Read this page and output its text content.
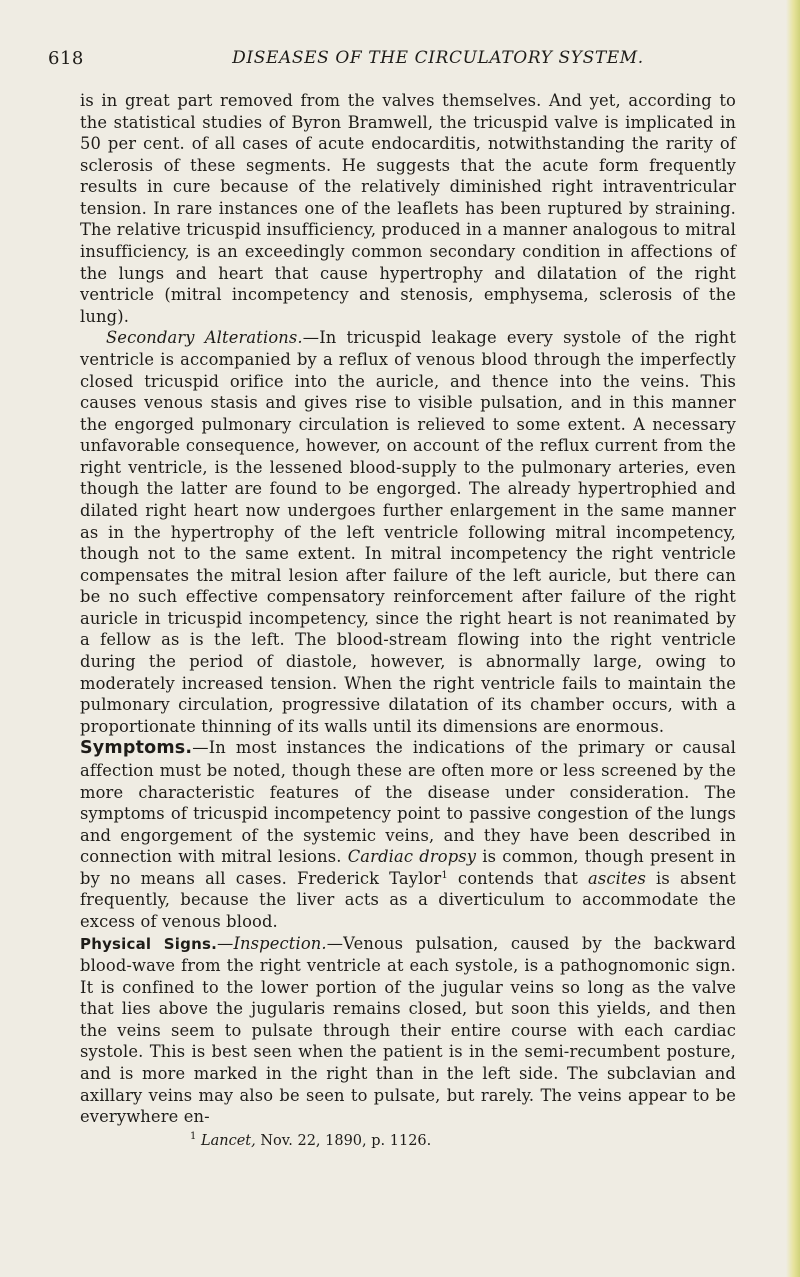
618	DISEASES OF THE CIRCULATORY SYSTEM.

is in great part removed from the valves themselves. And yet, according to the statistical studies of Byron Bramwell, the tricuspid valve is implicated in 50 per cent. of all cases of acute endocarditis, notwithstanding the rarity of sclerosis of these segments. He suggests that the acute form frequently results in cure because of the relatively diminished right intraventricular tension. In rare instances one of the leaflets has been ruptured by straining. The relative tricuspid insufficiency, produced in a manner analogous to mitral insufficiency, is an exceedingly common secondary condition in affections of the lungs and heart that cause hypertrophy and dilatation of the right ventricle (mitral incompetency and stenosis, emphysema, sclerosis of the lung).

Secondary Alterations.—In tricuspid leakage every systole of the right ventricle is accompanied by a reflux of venous blood through the imperfectly closed tricuspid orifice into the auricle, and thence into the veins. This causes venous stasis and gives rise to visible pulsation, and in this manner the engorged pulmonary circulation is relieved to some extent. A necessary unfavorable consequence, however, on account of the reflux current from the right ventricle, is the lessened blood-supply to the pulmonary arteries, even though the latter are found to be engorged. The already hypertrophied and dilated right heart now undergoes further enlargement in the same manner as in the hypertrophy of the left ventricle following mitral incompetency, though not to the same extent. In mitral incompetency the right ventricle compensates the mitral lesion after failure of the left auricle, but there can be no such effective compensatory reinforcement after failure of the right auricle in tricuspid incompetency, since the right heart is not reanimated by a fellow as is the left. The blood-stream flowing into the right ventricle during the period of diastole, however, is abnormally large, owing to moderately increased tension. When the right ventricle fails to maintain the pulmonary circulation, progressive dilatation of its chamber occurs, with a proportionate thinning of its walls until its dimensions are enormous.

Symptoms.—In most instances the indications of the primary or causal affection must be noted, though these are often more or less screened by the more characteristic features of the disease under consideration. The symptoms of tricuspid incompetency point to passive congestion of the lungs and engorgement of the systemic veins, and they have been described in connection with mitral lesions. Cardiac dropsy is common, though present in by no means all cases. Frederick Taylor$^1$ contends that ascites is absent frequently, because the liver acts as a diverticulum to accommodate the excess of venous blood.

Physical Signs.—Inspection.—Venous pulsation, caused by the backward blood-wave from the right ventricle at each systole, is a pathognomonic sign. It is confined to the lower portion of the jugular veins so long as the valve that lies above the jugularis remains closed, but soon this yields, and then the veins seem to pulsate through their entire course with each cardiac systole. This is best seen when the patient is in the semi-recumbent posture, and is more marked in the right than in the left side. The subclavian and axillary veins may also be seen to pulsate, but rarely. The veins appear to be everywhere en-

$^1$ Lancet, Nov. 22, 1890, p. 1126.
